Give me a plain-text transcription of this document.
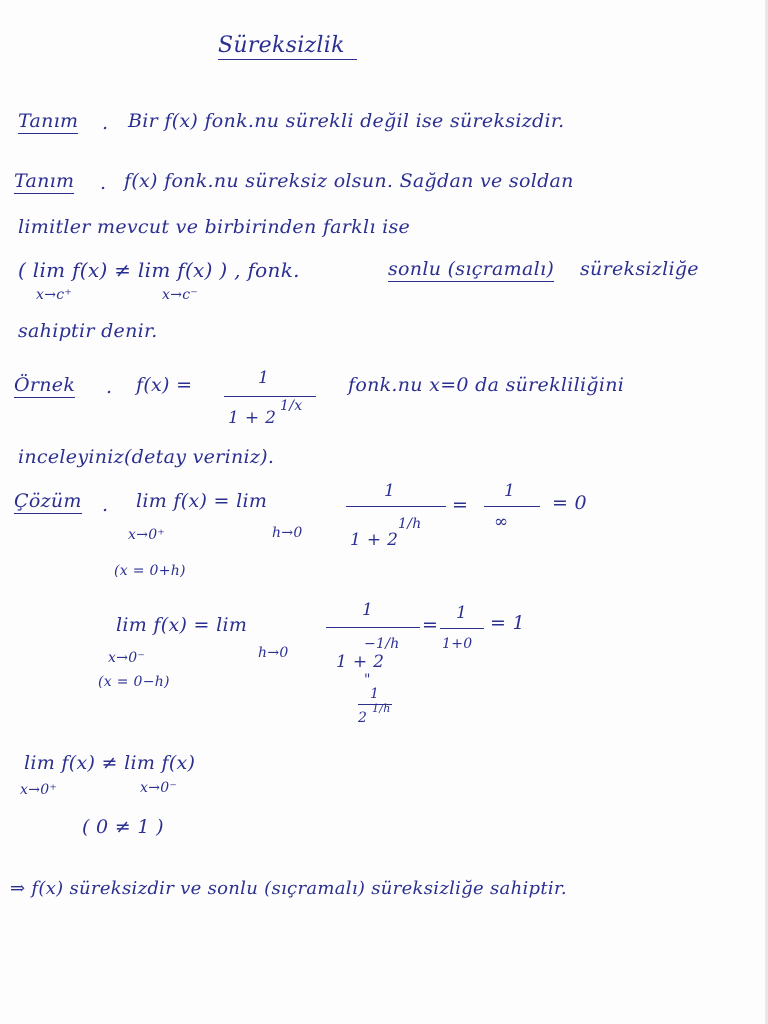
Süreksizlik
Tanım . Bir f(x) fonk.nu sürekli değil ise süreksizdir.
Tanım . f(x) fonk.nu süreksiz olsun. Sağdan ve soldan
limitler mevcut ve birbirinden farklı ise
( lim f(x) ≠ lim f(x) ) , fonk.	sonlu (sıçramalı) süreksizliğe
x→c⁺	x→c⁻
sahiptir denir.
Örnek . f(x) =	1
1 + 2
1/x
fonk.nu x=0 da sürekliliğini
inceleyiniz(detay veriniz).
Çözüm . lim f(x) = lim
x→0⁺	h→0
1
1 + 2
1/h
=
1
∞
= 0
(x = 0+h)
lim f(x) = lim
x→0⁻	h→0
1
1 + 2
−1/h
=
1
1+0
= 1
(x = 0−h)	"
1
2
1/h
lim f(x) ≠ lim f(x)
x→0⁺	x→0⁻
( 0 ≠ 1 )
⇒ f(x) süreksizdir ve sonlu (sıçramalı) süreksizliğe sahiptir.
